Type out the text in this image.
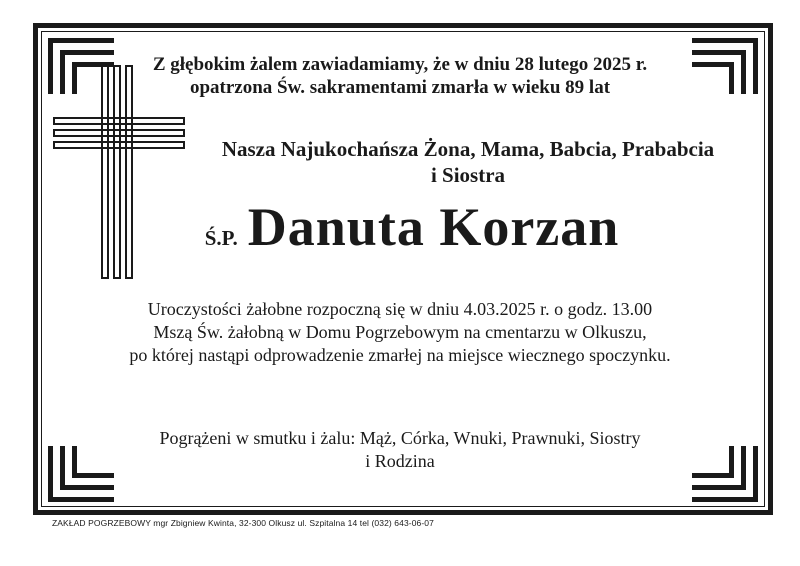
Z głębokim żalem zawiadamiamy, że w dniu 28 lutego 2025 r.
opatrzona Św. sakramentami zmarła w wieku 89 lat
Nasza Najukochańsza Żona, Mama, Babcia, Prababcia
i Siostra
Ś.P. Danuta Korzan
Uroczystości żałobne rozpoczną się w dniu 4.03.2025 r. o godz. 13.00
Mszą Św. żałobną w Domu Pogrzebowym na cmentarzu w Olkuszu,
po której nastąpi odprowadzenie zmarłej na miejsce wiecznego spoczynku.
Pogrążeni w smutku i żalu: Mąż, Córka, Wnuki, Prawnuki, Siostry
i Rodzina
ZAKŁAD POGRZEBOWY mgr Zbigniew Kwinta, 32-300 Olkusz ul. Szpitalna 14 tel (032) 643-06-07
